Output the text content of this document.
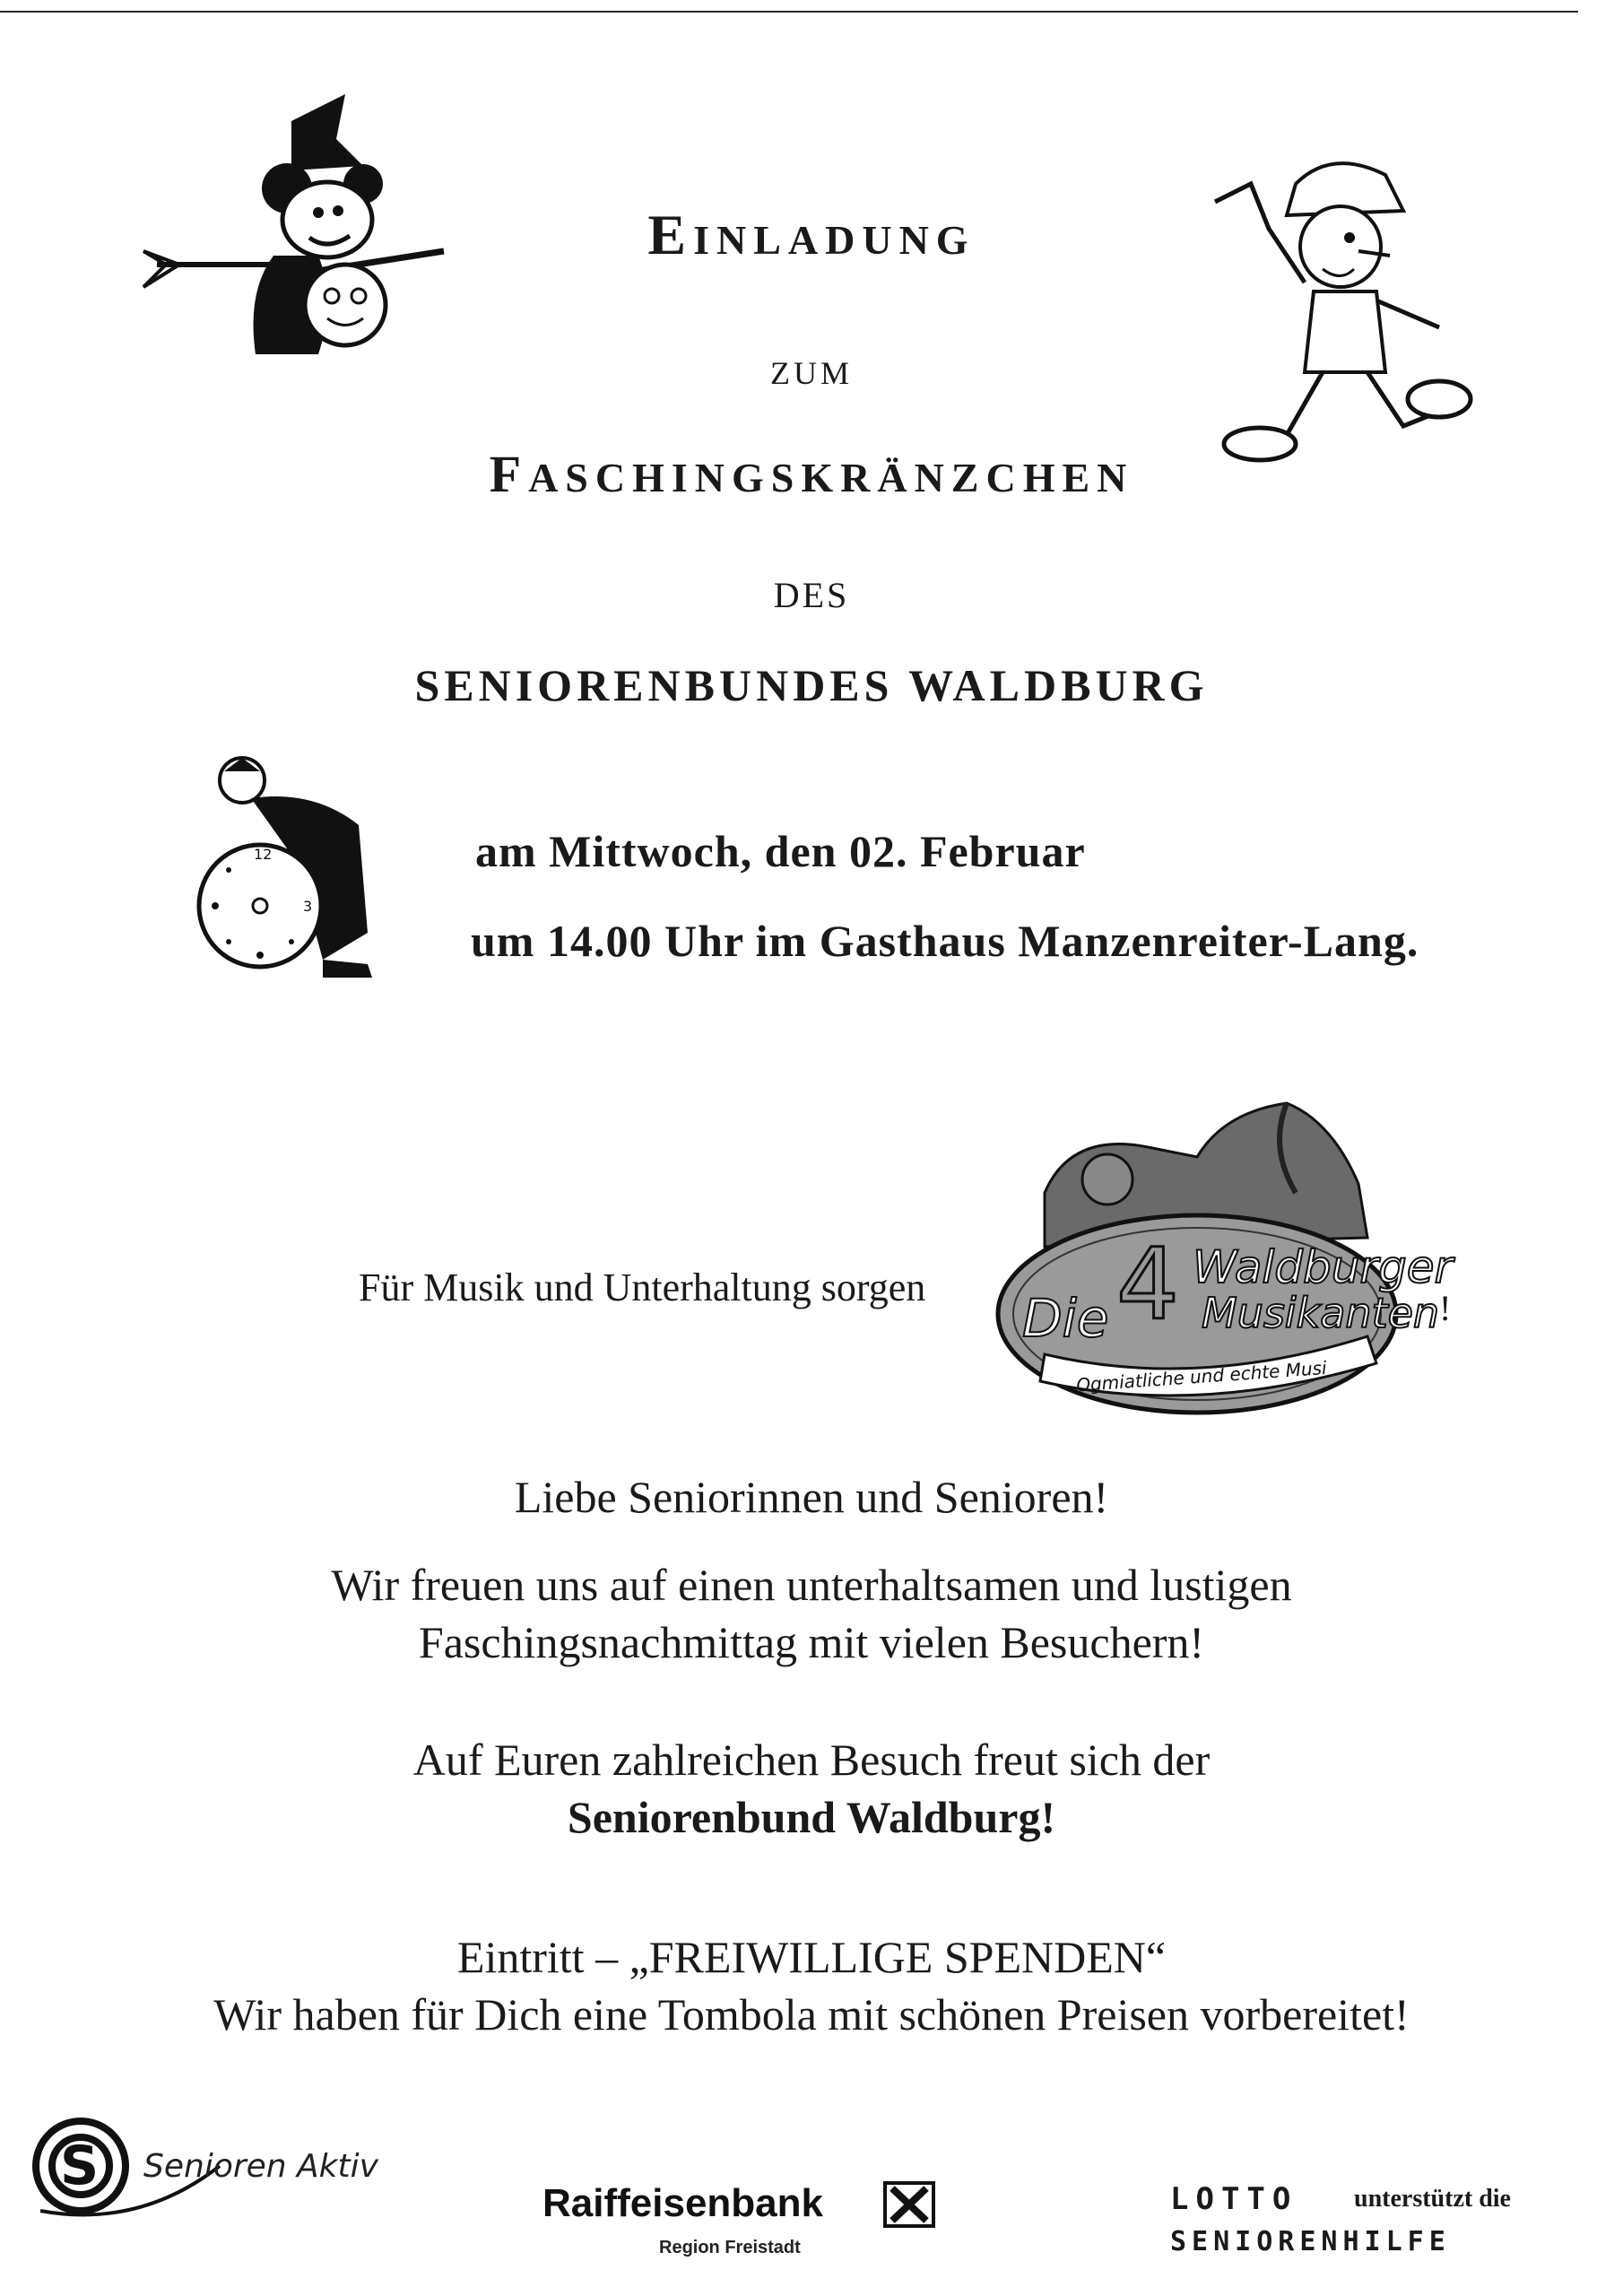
EINLADUNG
ZUM
FASCHINGSKRÄNZCHEN
DES
SENIORENBUNDES WALDBURG
12
3
am Mittwoch, den 02. Februar
um 14.00 Uhr im Gasthaus Manzenreiter-Lang.
Für Musik und Unterhaltung sorgen 4
Die
Waldburger
Musikanten
Ogmiatliche und echte Musi
!
Liebe Seniorinnen und Senioren!
Wir freuen uns auf einen unterhaltsamen und lustigen
Faschingsnachmittag mit vielen Besuchern!
Auf Euren zahlreichen Besuch freut sich der
Seniorenbund Waldburg!
Eintritt – „FREIWILLIGE SPENDEN“
Wir haben für Dich eine Tombola mit schönen Preisen vorbereitet!
S Senioren Aktiv
Raiffeisenbank
Region Freistadt
LOTTO unterstützt die
SENIORENHILFE
